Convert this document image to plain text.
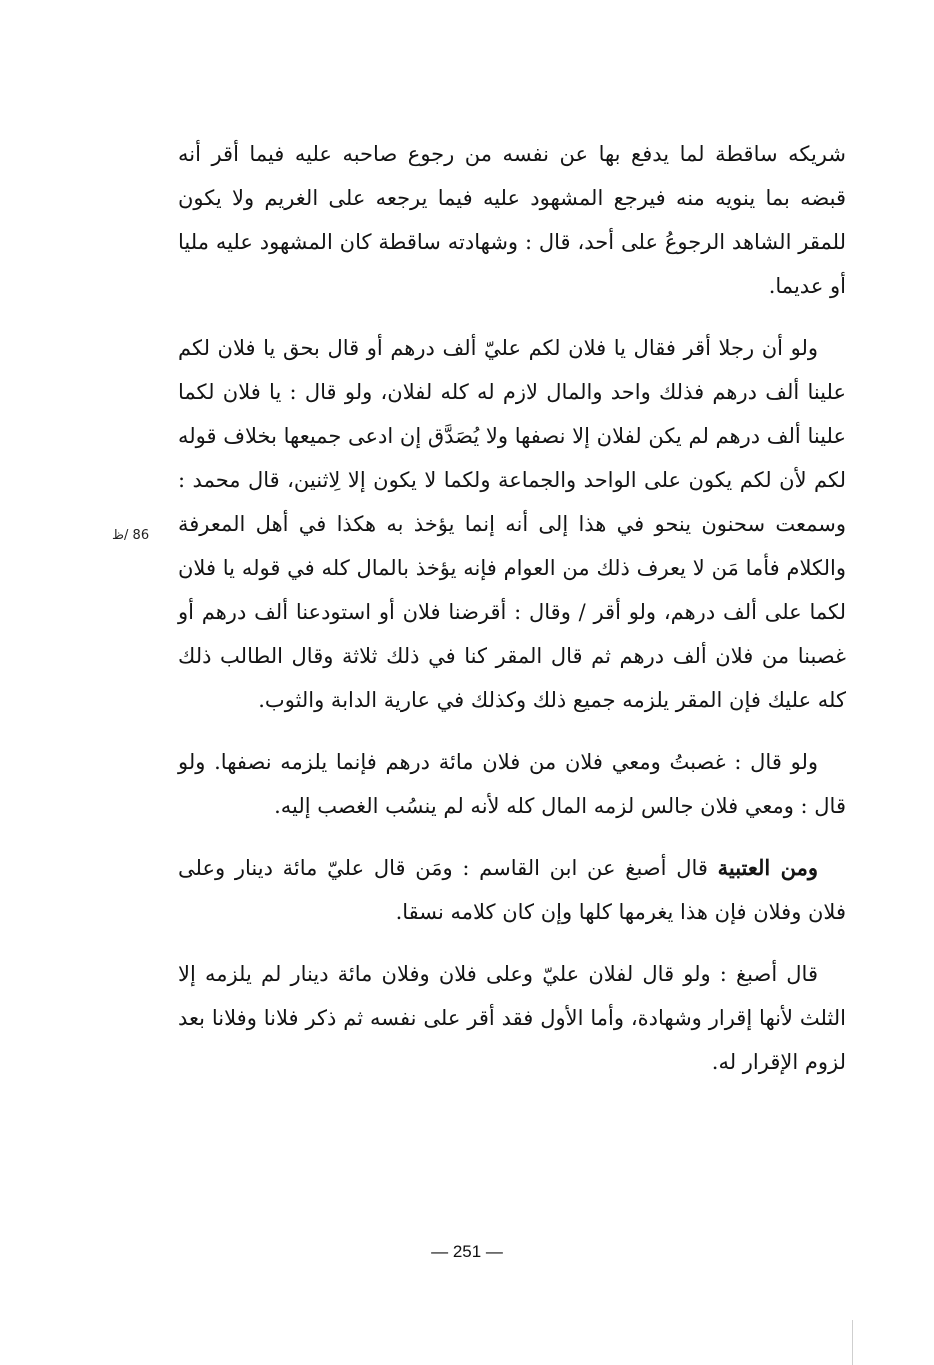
شريكه ساقطة لما يدفع بها عن نفسه من رجوع صاحبه عليه فيما أقر أنه قبضه بما ينويه منه فيرجع المشهود عليه فيما يرجعه على الغريم ولا يكون للمقر الشاهد الرجوعُ على أحد، قال : وشهادته ساقطة كان المشهود عليه مليا أو عديما.

ولو أن رجلا أقر فقال يا فلان لكم عليّ ألف درهم أو قال بحق يا فلان لكم علينا ألف درهم فذلك واحد والمال لازم له كله لفلان، ولو قال : يا فلان لكما علينا ألف درهم لم يكن لفلان إلا نصفها ولا يُصَدَّق إن ادعى جميعها بخلاف قوله لكم لأن لكم يكون على الواحد والجماعة ولكما لا يكون إلا لِاثنين، قال محمد : وسمعت سحنون ينحو في هذا إلى أنه إنما يؤخذ به هكذا في أهل المعرفة والكلام فأما مَن لا يعرف ذلك من العوام فإنه يؤخذ بالمال كله في قوله يا فلان لكما على ألف درهم، ولو أقر / وقال : أقرضنا فلان أو استودعنا ألف درهم أو غصبنا من فلان ألف درهم ثم قال المقر كنا في ذلك ثلاثة وقال الطالب ذلك كله عليك فإن المقر يلزمه جميع ذلك وكذلك في عارية الدابة والثوب.

ولو قال : غصبتُ ومعي فلان من فلان مائة درهم فإنما يلزمه نصفها. ولو قال : ومعي فلان جالس لزمه المال كله لأنه لم ينسُب الغصب إليه.

ومن العتبية قال أصبغ عن ابن القاسم : ومَن قال عليّ مائة دينار وعلى فلان وفلان فإن هذا يغرمها كلها وإن كان كلامه نسقا.

قال أصبغ : ولو قال لفلان عليّ وعلى فلان وفلان مائة دينار لم يلزمه إلا الثلث لأنها إقرار وشهادة، وأما الأول فقد أقر على نفسه ثم ذكر فلانا وفلانا بعد لزوم الإقرار له.

86 /ظ
— 251 —
